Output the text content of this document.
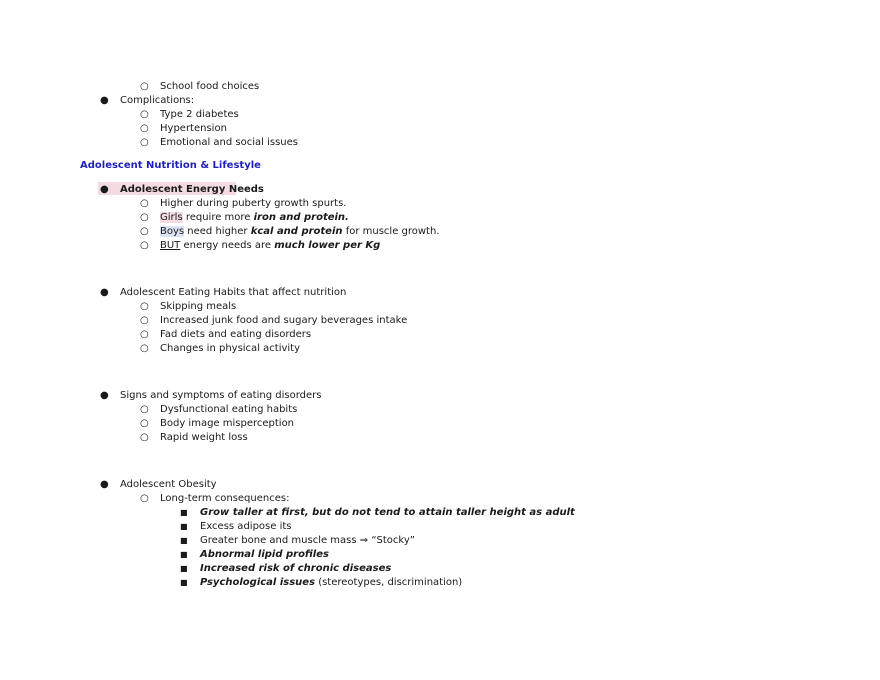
○ School food choices
● Complications:
○ Type 2 diabetes
○ Hypertension
○ Emotional and social issues
Adolescent Nutrition & Lifestyle
● Adolescent Energy Needs
○ Higher during puberty growth spurts.
○ Girls require more iron and protein.
○ Boys need higher kcal and protein for muscle growth.
○ BUT energy needs are much lower per Kg
● Adolescent Eating Habits that affect nutrition
○ Skipping meals
○ Increased junk food and sugary beverages intake
○ Fad diets and eating disorders
○ Changes in physical activity
● Signs and symptoms of eating disorders
○ Dysfunctional eating habits
○ Body image misperception
○ Rapid weight loss
● Adolescent Obesity
○ Long-term consequences:
■ Grow taller at first, but do not tend to attain taller height as adult
■ Excess adipose its
■ Greater bone and muscle mass ⇒ “Stocky”
■ Abnormal lipid profiles
■ Increased risk of chronic diseases
■ Psychological issues (stereotypes, discrimination)
